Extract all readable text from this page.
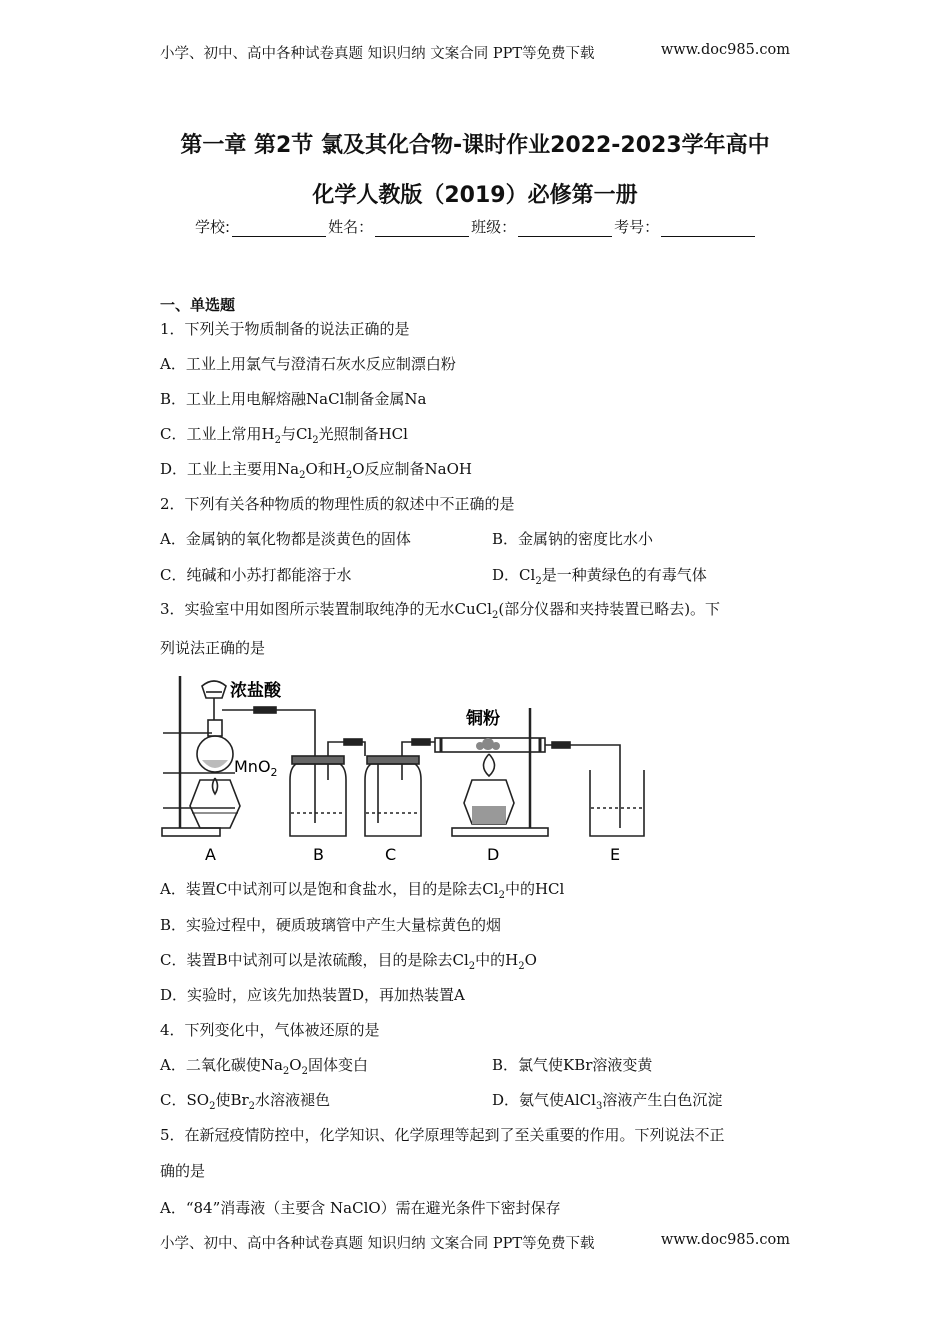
小学、初中、高中各种试卷真题 知识归纳 文案合同 PPT等免费下载	www.doc985.com
第一章 第2节 氯及其化合物-课时作业2022-2023学年高中
化学人教版（2019）必修第一册
学校:	姓名：	班级：	考号：
一、单选题
1．下列关于物质制备的说法正确的是
A．工业上用氯气与澄清石灰水反应制漂白粉
B．工业上用电解熔融NaCl制备金属Na
C．工业上常用$H_2$与$Cl_2$光照制备HCl
D．工业上主要用$Na_2O$和$H_2O$反应制备NaOH
2．下列有关各种物质的物理性质的叙述中不正确的是
A．金属钠的氧化物都是淡黄色的固体	B．金属钠的密度比水小
C．纯碱和小苏打都能溶于水	D．$Cl_2$是一种黄绿色的有毒气体
3．实验室中用如图所示装置制取纯净的无水CuCl$_2$(部分仪器和夹持装置已略去)。下
列说法正确的是
浓盐酸
MnO$_2$
铜粉
A	B	C	D	E
A．装置C中试剂可以是饱和食盐水，目的是除去$Cl_2$中的HCl
B．实验过程中，硬质玻璃管中产生大量棕黄色的烟
C．装置B中试剂可以是浓硫酸，目的是除去$Cl_2$中的$H_2O$
D．实验时，应该先加热装置D，再加热装置A
4．下列变化中，气体被还原的是
A．二氧化碳使$Na_2O_2$固体变白	B．氯气使KBr溶液变黄
C．$SO_2$使$Br_2$水溶液褪色	D．氨气使AlCl$_3$溶液产生白色沉淀
5．在新冠疫情防控中，化学知识、化学原理等起到了至关重要的作用。下列说法不正
确的是
A．“84”消毒液（主要含 NaClO）需在避光条件下密封保存
小学、初中、高中各种试卷真题 知识归纳 文案合同 PPT等免费下载	www.doc985.com
